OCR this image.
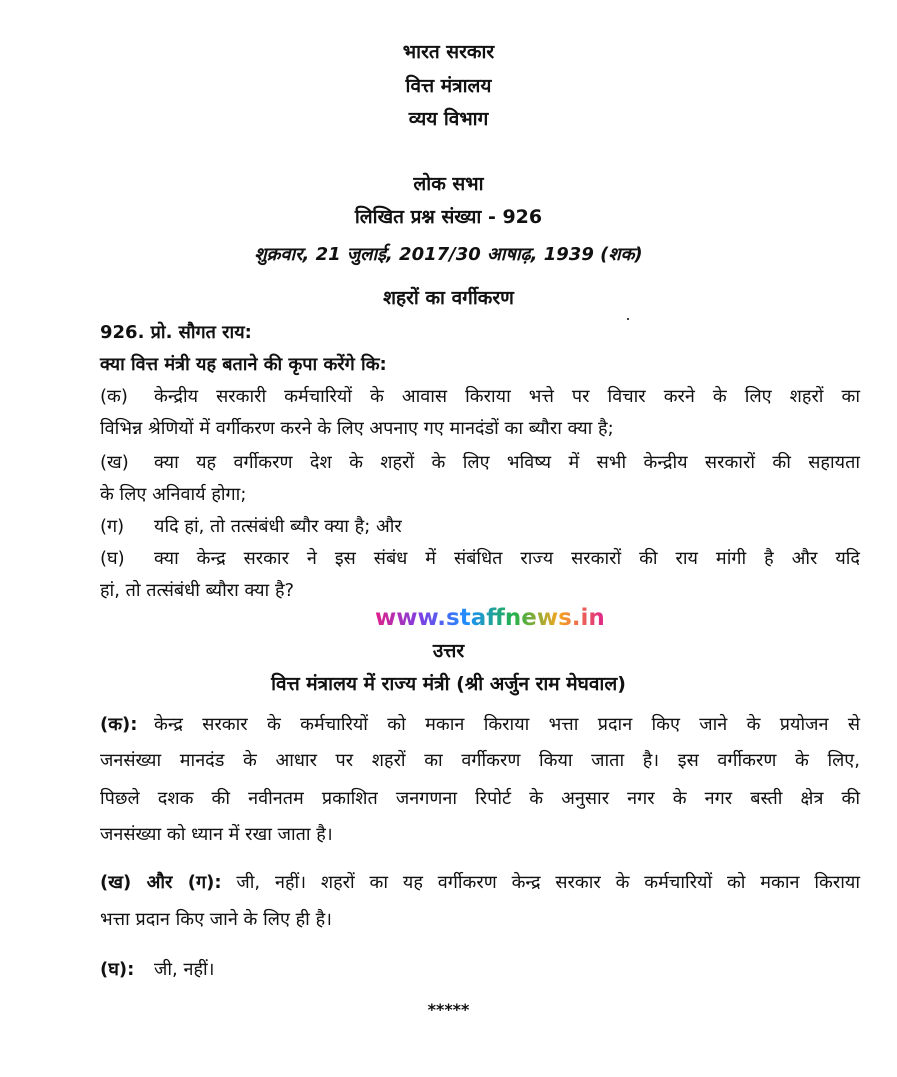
भारत सरकार
वित्त मंत्रालय
व्यय विभाग
लोक सभा
लिखित प्रश्न संख्या - 926
शुक्रवार, 21 जुलाई, 2017/30 आषाढ़, 1939 (शक)
शहरों का वर्गीकरण
926. प्रो. सौगत राय:
क्या वित्त मंत्री यह बताने की कृपा करेंगे कि:
(क) केन्द्रीय सरकारी कर्मचारियों के आवास किराया भत्ते पर विचार करने के लिए शहरों का
विभिन्न श्रेणियों में वर्गीकरण करने के लिए अपनाए गए मानदंडों का ब्यौरा क्या है;
(ख) क्या यह वर्गीकरण देश के शहरों के लिए भविष्य में सभी केन्द्रीय सरकारों की सहायता
के लिए अनिवार्य होगा;
(ग) यदि हां, तो तत्संबंधी ब्यौर क्या है; और
(घ) क्या केन्द्र सरकार ने इस संबंध में संबंधित राज्य सरकारों की राय मांगी है और यदि
हां, तो तत्संबंधी ब्यौरा क्या है?
www.staffnews.in
उत्तर
वित्त मंत्रालय में राज्य मंत्री (श्री अर्जुन राम मेघवाल)
(क): केन्द्र सरकार के कर्मचारियों को मकान किराया भत्ता प्रदान किए जाने के प्रयोजन से
जनसंख्या मानदंड के आधार पर शहरों का वर्गीकरण किया जाता है। इस वर्गीकरण के लिए,
पिछले दशक की नवीनतम प्रकाशित जनगणना रिपोर्ट के अनुसार नगर के नगर बस्ती क्षेत्र की
जनसंख्या को ध्यान में रखा जाता है।
(ख) और (ग): जी, नहीं। शहरों का यह वर्गीकरण केन्द्र सरकार के कर्मचारियों को मकान किराया
भत्ता प्रदान किए जाने के लिए ही है।
(घ): जी, नहीं।
*****
